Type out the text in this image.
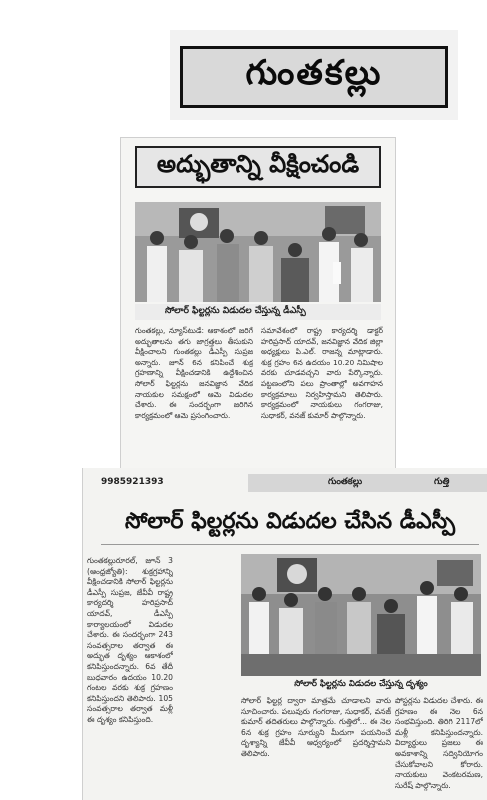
గుంతకల్లు
అద్భుతాన్ని వీక్షించండి
సోలార్ ఫిల్టర్లను విడుదల చేస్తున్న డీఎస్పీ
గుంతకల్లు, న్యూస్‌టుడే: ఆకాశంలో జరిగే అద్భుతాలను తగు జాగ్రత్తలు తీసుకుని వీక్షించాలని గుంతకల్లు డీఎస్పీ సుప్రజ అన్నారు. జూన్ 6న కనిపించే శుక్ర గ్రహణాన్ని వీక్షించడానికి ఉద్దేశించిన సోలార్ ఫిల్టర్లను జనవిజ్ఞాన వేదిక నాయకుల సమక్షంలో ఆమె విడుదల చేశారు. ఈ సందర్భంగా జరిగిన కార్యక్రమంలో ఆమె ప్రసంగించారు.
సమావేశంలో రాష్ట్ర కార్యదర్శి డాక్టర్ హరిప్రసాద్ యాదవ్, జనవిజ్ఞాన వేదిక జిల్లా అధ్యక్షులు పి.ఎల్. రాజన్న మాట్లాడారు. శుక్ర గ్రహం 6న ఉదయం 10.20 నిమిషాల వరకు చూడవచ్చని వారు పేర్కొన్నారు. పట్టణంలోని పలు ప్రాంతాల్లో అవగాహన కార్యక్రమాలు నిర్వహిస్తామని తెలిపారు. కార్యక్రమంలో నాయకులు గంగరాజు, సుధాకర్, వనజ్ కుమార్ పాల్గొన్నారు.
9985921393	గుంతకల్లు	గుత్తి
సోలార్ ఫిల్టర్లను విడుదల చేసిన డీఎస్పీ
గుంతకల్లురూరల్, జూన్ 3 (ఆంధ్రజ్యోతి): శుక్రగ్రహాన్ని వీక్షించడానికి సోలార్ ఫిల్టర్లను డీఎస్పీ సుప్రజ, జేవీవీ రాష్ట్ర కార్యదర్శి హరిప్రసాద్ యాదవ్, డీఎస్పీ కార్యాలయంలో విడుదల చేశారు. ఈ సందర్భంగా 243 సంవత్సరాల తర్వాత ఈ అద్భుత దృశ్యం ఆకాశంలో కనిపిస్తుందన్నారు. 6వ తేదీ బుధవారం ఉదయం 10.20 గంటల వరకు శుక్ర గ్రహణం కనిపిస్తుందని తెలిపారు. 105 సంవత్సరాల తర్వాత మళ్లీ ఈ దృశ్యం కనిపిస్తుంది.
సోలార్ ఫిల్టర్లను విడుదల చేస్తున్న దృశ్యం
సోలార్ ఫిల్టర్ల ద్వారా మాత్రమే చూడాలని వారు సూచించారు. పలువురు గంగరాజు, సుధాకర్, వనజ్ కుమార్ తదితరులు పాల్గొన్నారు. గుత్తిలో... ఈ నెల 6న శుక్ర గ్రహం సూర్యుని మీదుగా పయనించే దృశ్యాన్ని జేవీవీ ఆధ్వర్యంలో ప్రదర్శిస్తామని తెలిపారు.
పోస్టర్లను విడుదల చేశారు. ఈ గ్రహణం ఈ నెల 6న సంభవిస్తుంది. తిరిగి 2117లో మళ్లీ కనిపిస్తుందన్నారు. విద్యార్థులు ప్రజలు ఈ అవకాశాన్ని సద్వినియోగం చేసుకోవాలని కోరారు. నాయకులు వెంకటరమణ, సురేష్ పాల్గొన్నారు.
